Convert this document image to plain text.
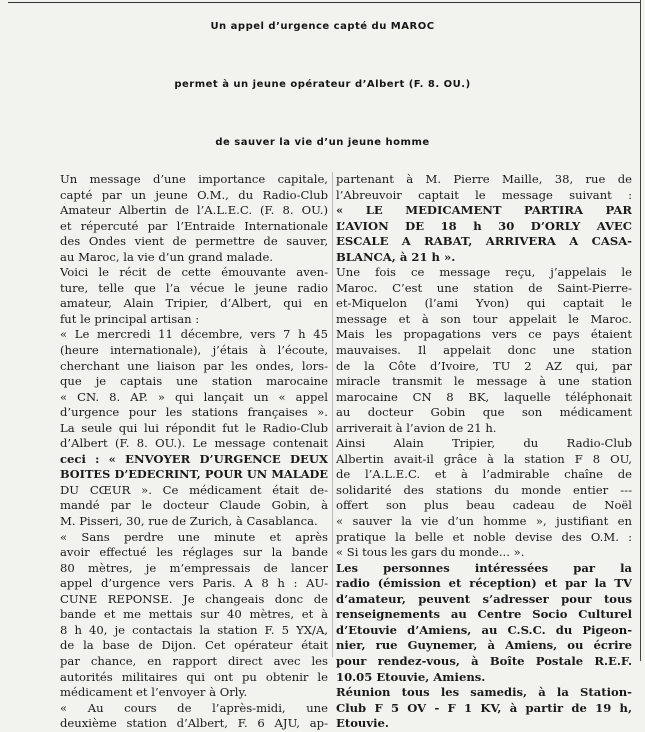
Un appel d’urgence capté du MAROC
permet à un jeune opérateur d’Albert (F. 8. OU.)
de sauver la vie d’un jeune homme
Un message d’une importance capitale,
capté par un jeune O.M., du Radio-Club
Amateur Albertin de l’A.L.E.C. (F. 8. OU.)
et répercuté par l’Entraide Internationale
des Ondes vient de permettre de sauver,
au Maroc, la vie d’un grand malade.
Voici le récit de cette émouvante aven-
ture, telle que l’a vécue le jeune radio
amateur, Alain Tripier, d’Albert, qui en
fut le principal artisan :
« Le mercredi 11 décembre, vers 7 h 45
(heure internationale), j’étais à l’écoute,
cherchant une liaison par les ondes, lors-
que je captais une station marocaine
« CN. 8. AP. » qui lançait un « appel
d’urgence pour les stations françaises ».
La seule qui lui répondit fut le Radio-Club
d’Albert (F. 8. OU.). Le message contenait
ceci : « ENVOYER D’URGENCE DEUX
BOITES D’EDECRINT, POUR UN MALADE
DU CŒUR ». Ce médicament était de-
mandé par le docteur Claude Gobin, à
M. Pisseri, 30, rue de Zurich, à Casablanca.
« Sans perdre une minute et après
avoir effectué les réglages sur la bande
80 mètres, je m’empressais de lancer
appel d’urgence vers Paris. A 8 h : AU-
CUNE REPONSE. Je changeais donc de
bande et me mettais sur 40 mètres, et à
8 h 40, je contactais la station F. 5 YX/A,
de la base de Dijon. Cet opérateur était
par chance, en rapport direct avec les
autorités militaires qui ont pu obtenir le
médicament et l’envoyer à Orly.
« Au cours de l’après-midi, une
deuxième station d’Albert, F. 6 AJU, ap-
partenant à M. Pierre Maille, 38, rue de
l’Abreuvoir captait le message suivant :
« LE MEDICAMENT PARTIRA PAR
L’AVION DE 18 h 30 D’ORLY AVEC
ESCALE A RABAT, ARRIVERA A CASA-
BLANCA, à 21 h ».
Une fois ce message reçu, j’appelais le
Maroc. C’est une station de Saint-Pierre-
et-Miquelon (l’ami Yvon) qui captait le
message et à son tour appelait le Maroc.
Mais les propagations vers ce pays étaient
mauvaises. Il appelait donc une station
de la Côte d’Ivoire, TU 2 AZ qui, par
miracle transmit le message à une station
marocaine CN 8 BK, laquelle téléphonait
au docteur Gobin que son médicament
arriverait à l’avion de 21 h.
Ainsi Alain Tripier, du Radio-Club
Albertin avait-il grâce à la station F 8 OU,
de l’A.L.E.C. et à l’admirable chaîne de
solidarité des stations du monde entier ---
offert son plus beau cadeau de Noël
« sauver la vie d’un homme », justifiant en
pratique la belle et noble devise des O.M. :
« Si tous les gars du monde... ».
Les personnes intéressées par la
radio (émission et réception) et par la TV
d’amateur, peuvent s’adresser pour tous
renseignements au Centre Socio Culturel
d’Etouvie d’Amiens, au C.S.C. du Pigeon-
nier, rue Guynemer, à Amiens, ou écrire
pour rendez-vous, à Boîte Postale R.E.F.
10.05 Etouvie, Amiens.
Réunion tous les samedis, à la Station-
Club F 5 OV - F 1 KV, à partir de 19 h,
Etouvie.
